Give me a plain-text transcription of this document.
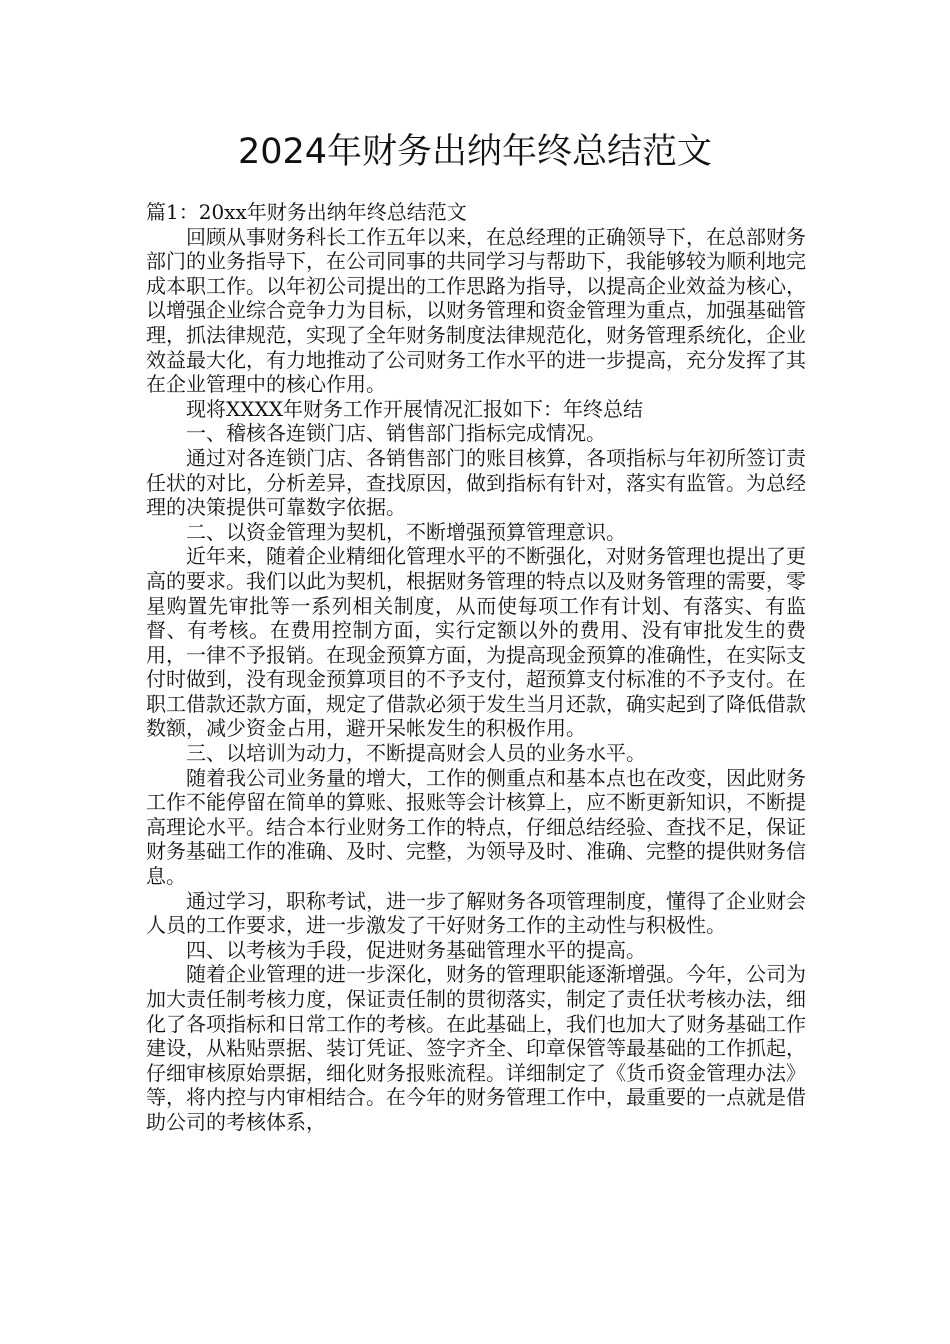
2024年财务出纳年终总结范文

篇1：20xx年财务出纳年终总结范文

回顾从事财务科长工作五年以来，在总经理的正确领导下，在总部财务部门的业务指导下，在公司同事的共同学习与帮助下，我能够较为顺利地完成本职工作。以年初公司提出的工作思路为指导，以提高企业效益为核心，以增强企业综合竞争力为目标，以财务管理和资金管理为重点，加强基础管理，抓法律规范，实现了全年财务制度法律规范化，财务管理系统化，企业效益最大化，有力地推动了公司财务工作水平的进一步提高，充分发挥了其在企业管理中的核心作用。

现将XXXX年财务工作开展情况汇报如下：年终总结

一、稽核各连锁门店、销售部门指标完成情况。

通过对各连锁门店、各销售部门的账目核算，各项指标与年初所签订责任状的对比，分析差异，查找原因，做到指标有针对，落实有监管。为总经理的决策提供可靠数字依据。

二、以资金管理为契机，不断增强预算管理意识。

近年来，随着企业精细化管理水平的不断强化，对财务管理也提出了更高的要求。我们以此为契机，根据财务管理的特点以及财务管理的需要，零星购置先审批等一系列相关制度，从而使每项工作有计划、有落实、有监督、有考核。在费用控制方面，实行定额以外的费用、没有审批发生的费用，一律不予报销。在现金预算方面，为提高现金预算的准确性，在实际支付时做到，没有现金预算项目的不予支付，超预算支付标准的不予支付。在职工借款还款方面，规定了借款必须于发生当月还款，确实起到了降低借款数额，减少资金占用，避开呆帐发生的积极作用。

三、以培训为动力，不断提高财会人员的业务水平。

随着我公司业务量的增大，工作的侧重点和基本点也在改变，因此财务工作不能停留在简单的算账、报账等会计核算上，应不断更新知识，不断提高理论水平。结合本行业财务工作的特点，仔细总结经验、查找不足，保证财务基础工作的准确、及时、完整，为领导及时、准确、完整的提供财务信息。

通过学习，职称考试，进一步了解财务各项管理制度，懂得了企业财会人员的工作要求，进一步激发了干好财务工作的主动性与积极性。

四、以考核为手段，促进财务基础管理水平的提高。

随着企业管理的进一步深化，财务的管理职能逐渐增强。今年，公司为加大责任制考核力度，保证责任制的贯彻落实，制定了责任状考核办法，细化了各项指标和日常工作的考核。在此基础上，我们也加大了财务基础工作建设，从粘贴票据、装订凭证、签字齐全、印章保管等最基础的工作抓起，仔细审核原始票据，细化财务报账流程。详细制定了《货币资金管理办法》等，将内控与内审相结合。在今年的财务管理工作中，最重要的一点就是借助公司的考核体系，
